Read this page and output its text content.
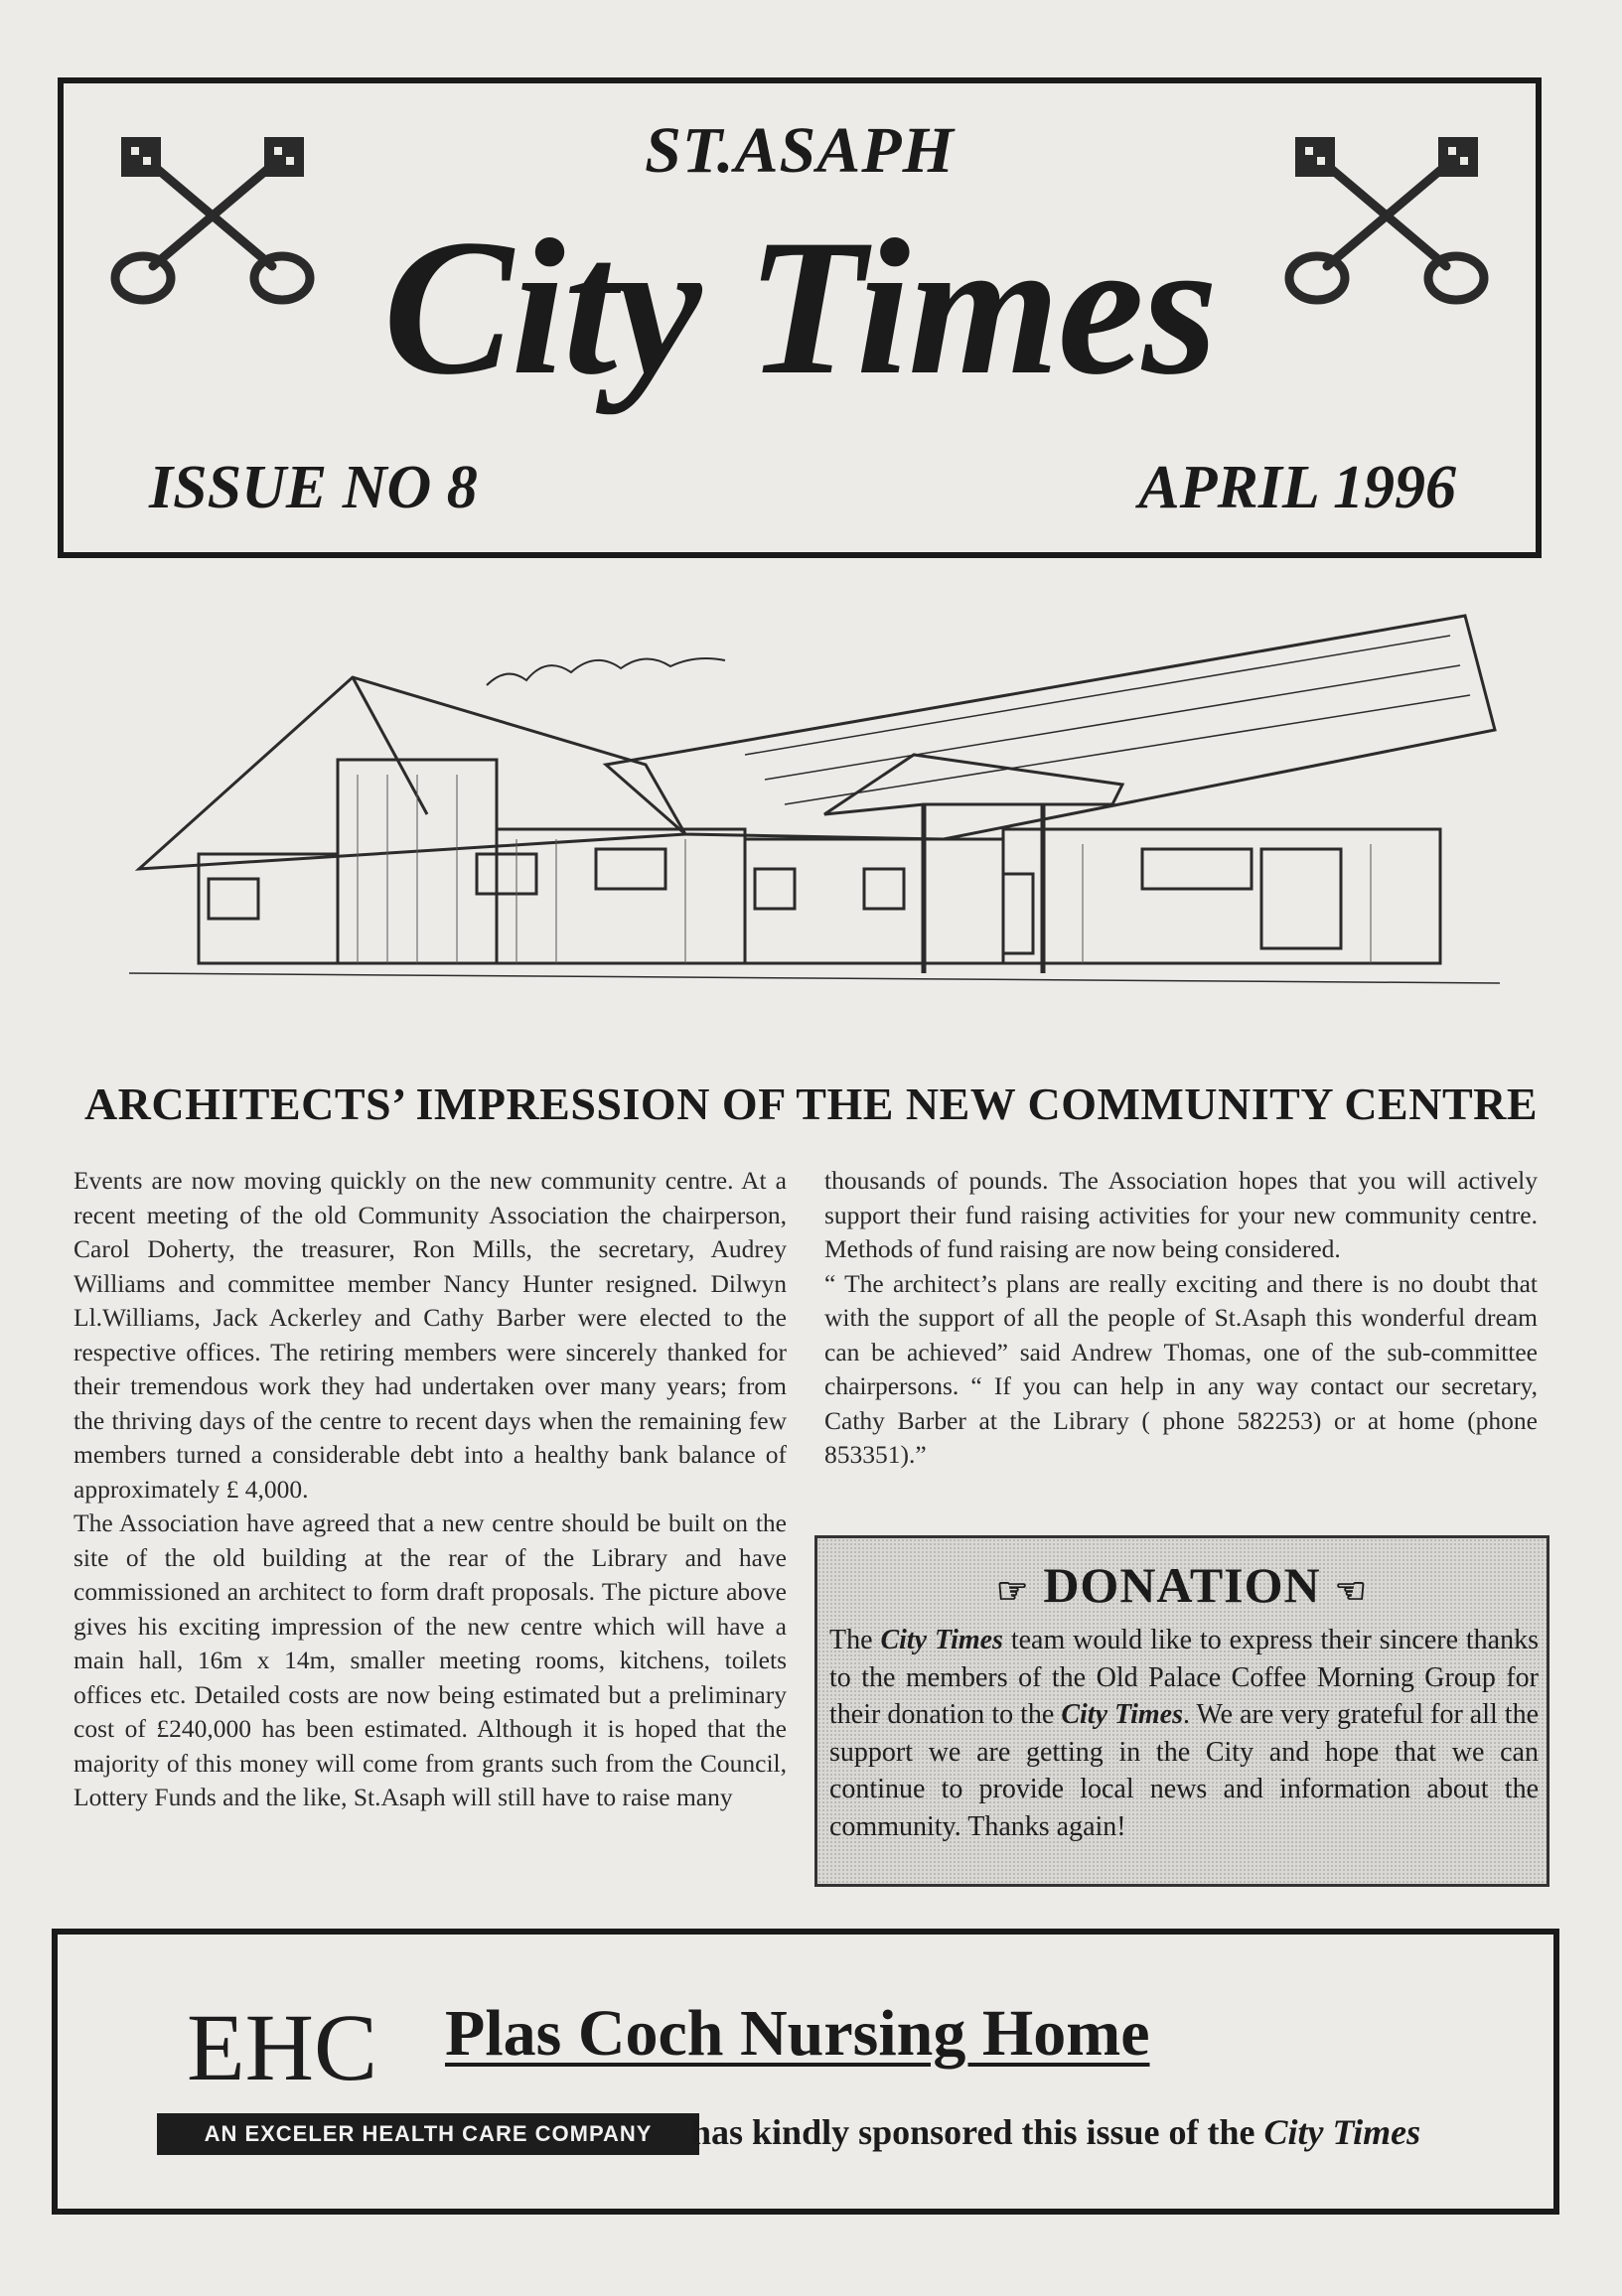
ST.ASAPH
City Times
ISSUE NO 8	APRIL 1996
ARCHITECTS’ IMPRESSION OF THE NEW COMMUNITY CENTRE

Events are now moving quickly on the new community centre. At a recent meeting of the old Community Association the chairperson, Carol Doherty, the treasurer, Ron Mills, the secretary, Audrey Williams and committee member Nancy Hunter resigned. Dilwyn Ll.Williams, Jack Ackerley and Cathy Barber were elected to the respective offices. The retiring members were sincerely thanked for their tremendous work they had undertaken over many years; from the thriving days of the centre to recent days when the remaining few members turned a considerable debt into a healthy bank balance of approximately £ 4,000.

The Association have agreed that a new centre should be built on the site of the old building at the rear of the Library and have commissioned an architect to form draft proposals. The picture above gives his exciting impression of the new centre which will have a main hall, 16m x 14m, smaller meeting rooms, kitchens, toilets offices etc. Detailed costs are now being estimated but a preliminary cost of £240,000 has been estimated. Although it is hoped that the majority of this money will come from grants such from the Council, Lottery Funds and the like, St.Asaph will still have to raise many

thousands of pounds. The Association hopes that you will actively support their fund raising activities for your new community centre. Methods of fund raising are now being considered.

“ The architect’s plans are really exciting and there is no doubt that with the support of all the people of St.Asaph this wonderful dream can be achieved” said Andrew Thomas, one of the sub-committee chairpersons. “ If you can help in any way contact our secretary, Cathy Barber at the Library ( phone 582253) or at home (phone 853351).”

☞ DONATION ☜
The City Times team would like to express their sincere thanks to the members of the Old Palace Coffee Morning Group for their donation to the City Times. We are very grateful for all the support we are getting in the City and hope that we can continue to provide local news and information about the community. Thanks again!
EHC
AN EXCELER HEALTH CARE COMPANY
Plas Coch Nursing Home
has kindly sponsored this issue of the City Times
